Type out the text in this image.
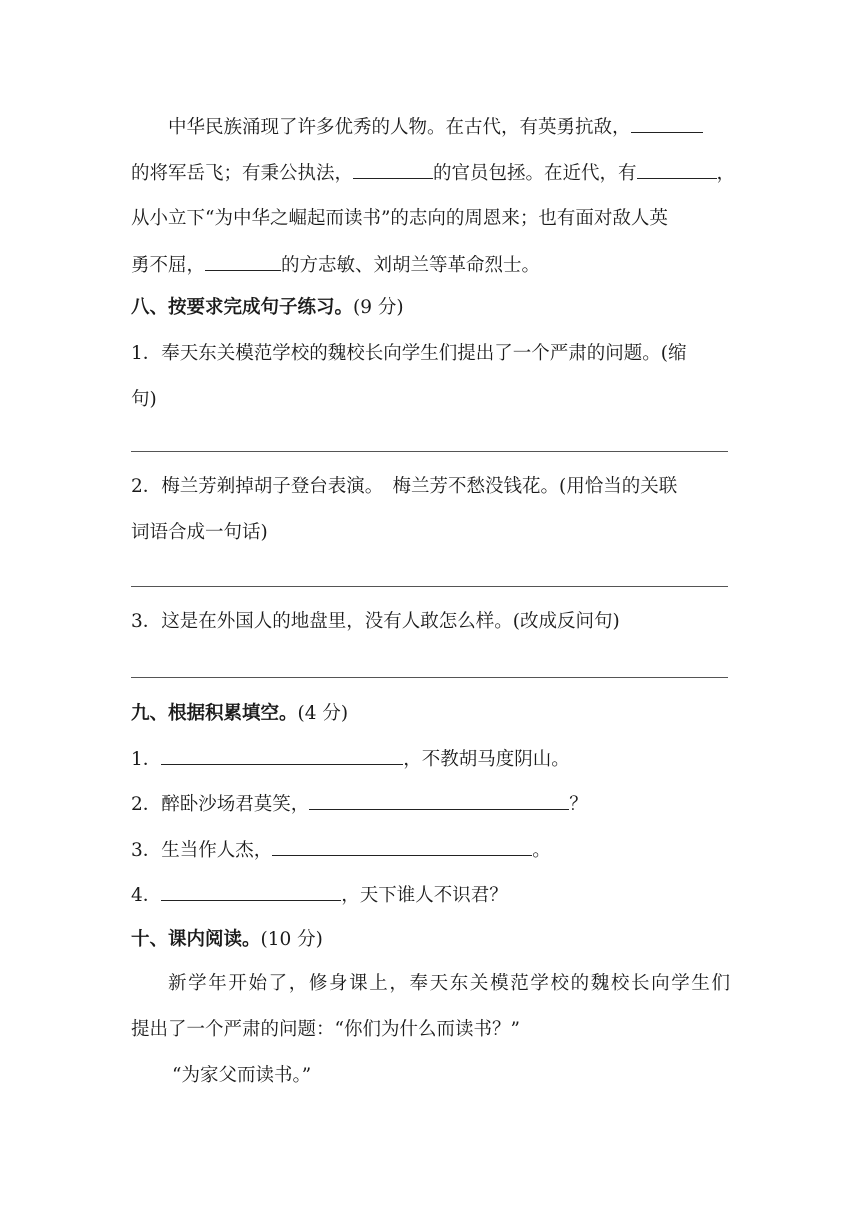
中华民族涌现了许多优秀的人物。在古代，有英勇抗敌，
的将军岳飞；有秉公执法，	的官员包拯。在近代，有	，
从小立下“为中华之崛起而读书”的志向的周恩来；也有面对敌人英
勇不屈，	的方志敏、刘胡兰等革命烈士。
八、按要求完成句子练习。(9 分)
1．奉天东关模范学校的魏校长向学生们提出了一个严肃的问题。(缩
句)
2．梅兰芳剃掉胡子登台表演。　梅兰芳不愁没钱花。(用恰当的关联
词语合成一句话)
3．这是在外国人的地盘里，没有人敢怎么样。(改成反问句)
九、根据积累填空。(4 分)
1．	，不教胡马度阴山。
2．醉卧沙场君莫笑，	？
3．生当作人杰，	。
4．	，天下谁人不识君？
十、课内阅读。(10 分)
新学年开始了，修身课上，奉天东关模范学校的魏校长向学生们
提出了一个严肃的问题：“你们为什么而读书？”
“为家父而读书。”
